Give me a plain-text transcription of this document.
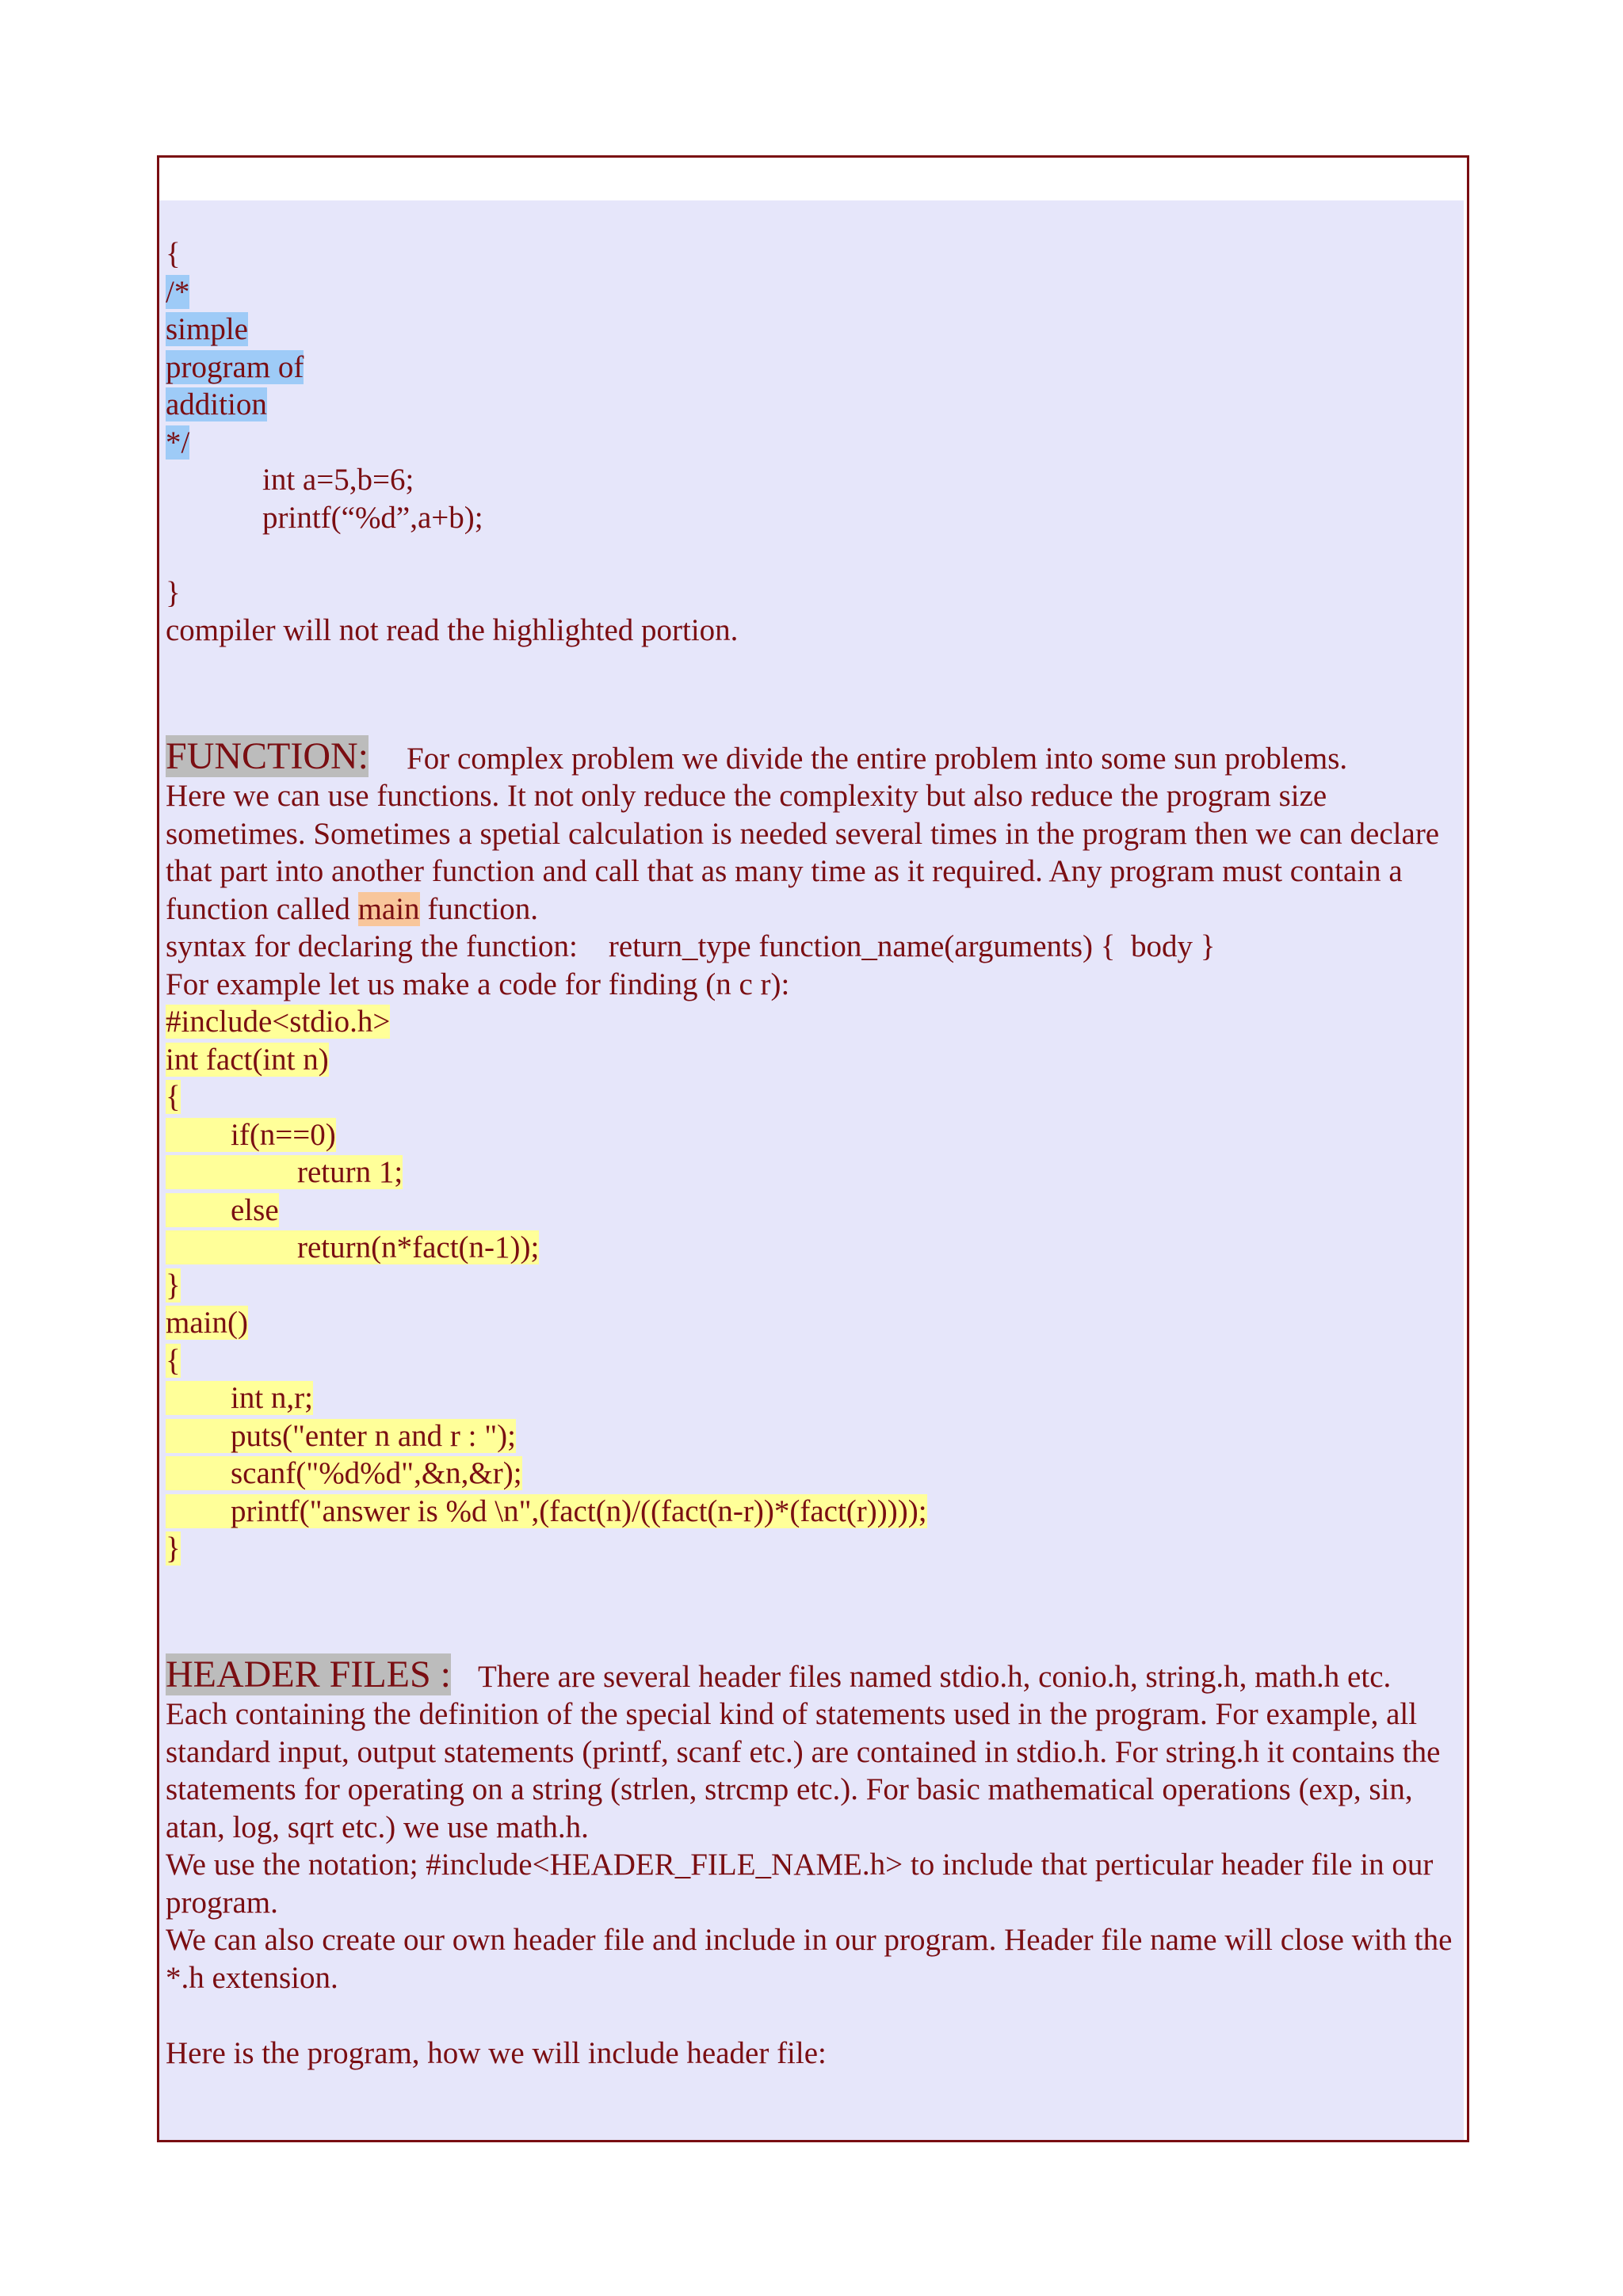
{
/*
simple
program of
addition
*/
int a=5,b=6;
printf(“%d”,a+b);
}
compiler will not read the highlighted portion.
FUNCTION: For complex problem we divide the entire problem into some sun problems.
Here we can use functions. It not only reduce the complexity but also reduce the program size sometimes. Sometimes a spetial calculation is needed several times in the program then we can declare that part into another function and call that as many time as it required. Any program must contain a function called main function.
syntax for declaring the function:    return_type function_name(arguments) {  body }
For example let us make a code for finding (n c r):
#include<stdio.h>
int fact(int n)
{
if(n==0)
return 1;
else
return(n*fact(n-1));
}
main()
{
int n,r;
puts("enter n and r : ");
scanf("%d%d",&n,&r);
printf("answer is %d \n",(fact(n)/((fact(n-r))*(fact(r)))));
}
HEADER FILES : There are several header files named stdio.h, conio.h, string.h, math.h etc.
Each containing the definition of the special kind of statements used in the program. For example, all standard input, output statements (printf, scanf etc.) are contained in stdio.h. For string.h it contains the statements for operating on a string (strlen, strcmp etc.). For basic mathematical operations (exp, sin, atan, log, sqrt etc.) we use math.h.
We use the notation; #include<HEADER_FILE_NAME.h> to include that perticular header file in our program.
We can also create our own header file and include in our program. Header file name will close with the *.h extension.
Here is the program, how we will include header file:
